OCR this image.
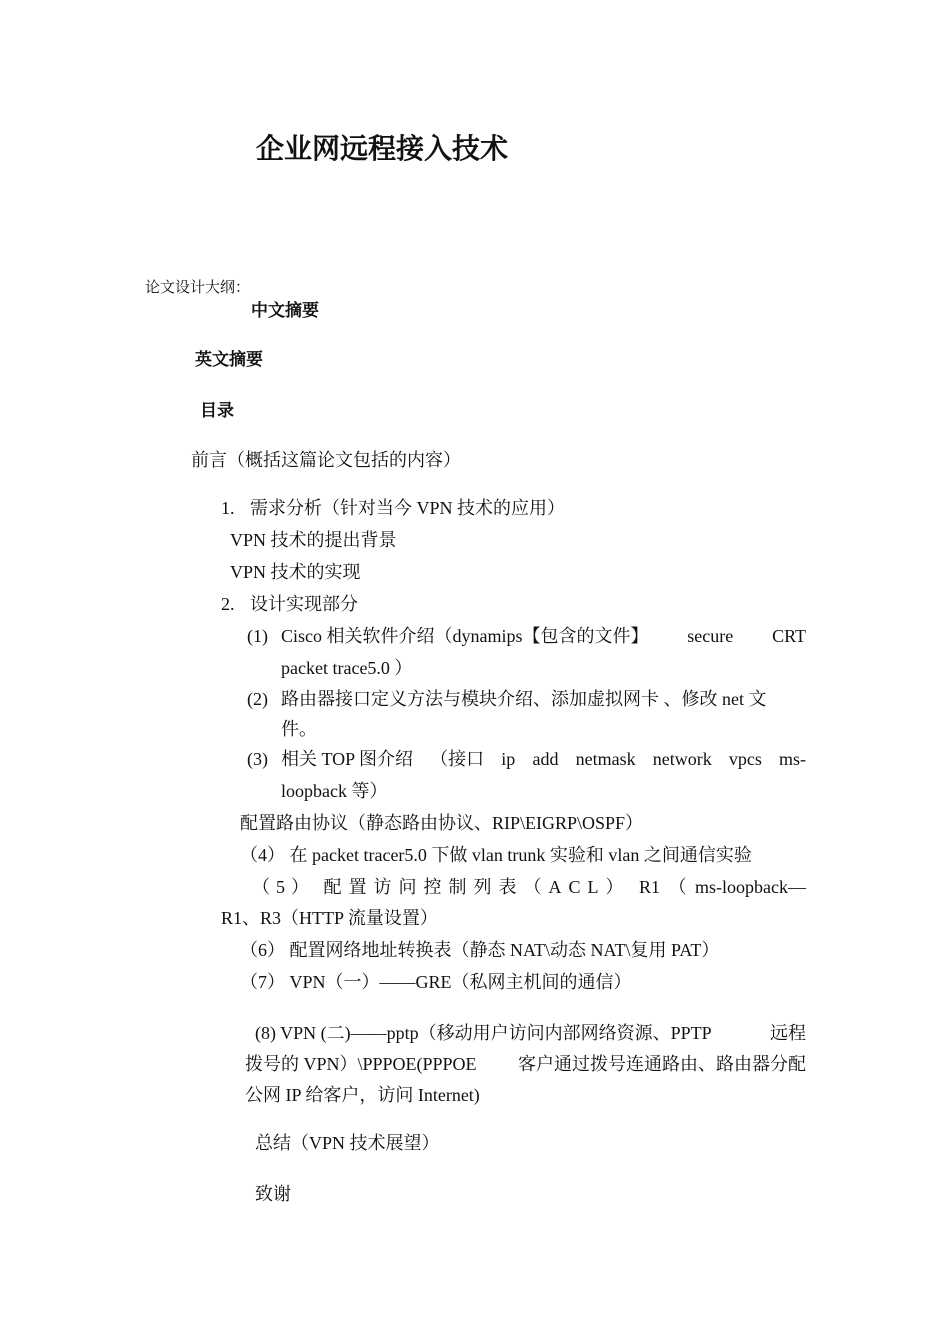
企业网远程接入技术
论文设计大纲：
中文摘要
英文摘要
目录
前言（概括这篇论文包括的内容）
1. 需求分析（针对当今 VPN 技术的应用）
VPN 技术的提出背景
VPN 技术的实现
2. 设计实现部分
(1) Cisco 相关软件介绍（dynamips【包含的文件】 secure CRT
packet trace5.0 ）
(2) 路由器接口定义方法与模块介绍、添加虚拟网卡 、修改 net 文
件。
(3) 相关 TOP 图介绍 （接口 ip add netmask network vpcs ms-
loopback 等）
配置路由协议（静态路由协议、RIP\EIGRP\OSPF）
（4） 在 packet tracer5.0 下做 vlan trunk 实验和 vlan 之间通信实验
（5） 配置访问控制列表（ACL） R1 （ ms-loopback—
R1、R3（HTTP 流量设置）
（6） 配置网络地址转换表（静态 NAT\动态 NAT\复用 PAT）
（7） VPN（一）——GRE（私网主机间的通信）
(8) VPN (二)——pptp（移动用户访问内部网络资源、PPTP	远程
拨号的 VPN）\PPPOE(PPPOE 客户通过拨号连通路由、路由器分配
公网 IP 给客户，访问 Internet)
总结（VPN 技术展望）
致谢
